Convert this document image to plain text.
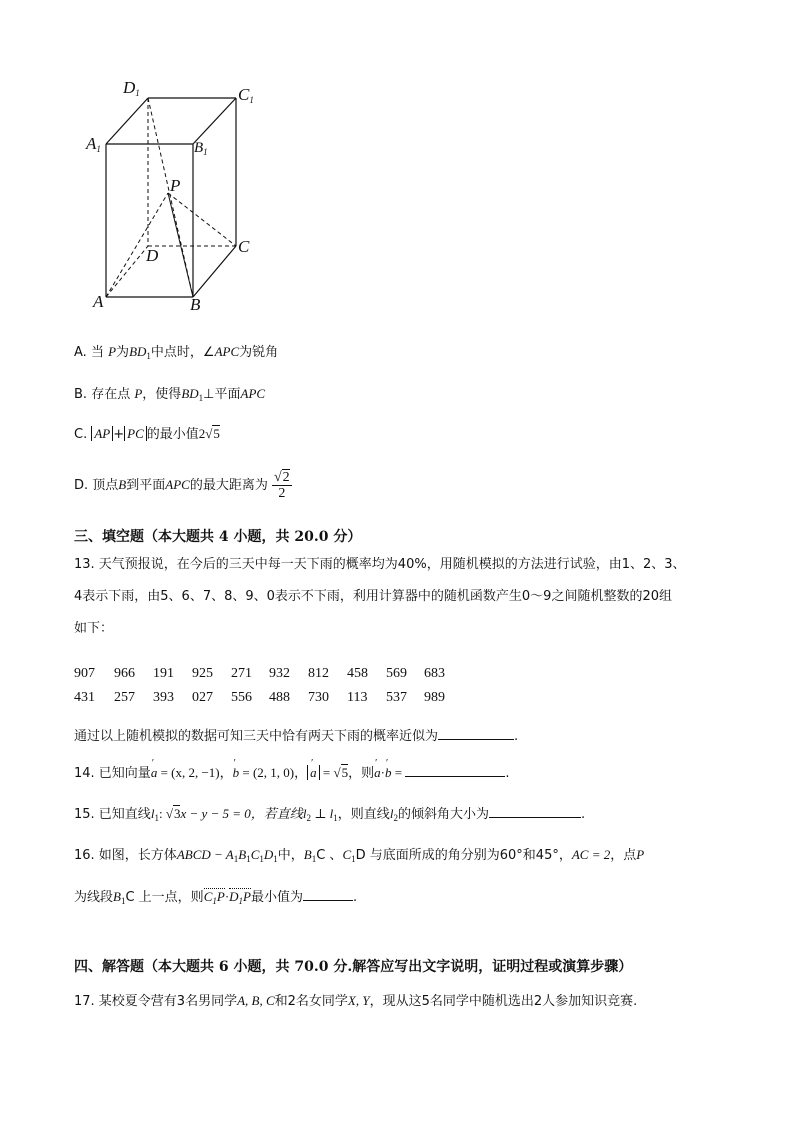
$D_1$	$C_1$
$A_1$	$B_1$
P
C
D
A	B
A. 当 P为$BD_1$中点时，∠APC为锐角
B. 存在点 P，使得$BD_1\perp$平面APC
C. AP + PC 的最小值2√5
D. 顶点B到平面APC的最大距离为 $\frac{√2}{2}$
三、填空题（本大题共 4 小题，共 20.0 分）
13. 天气预报说，在今后的三天中每一天下雨的概率均为40%，用随机模拟的方法进行试验，由1、2、3、
4表示下雨，由5、6、7、8、9、0表示不下雨，利用计算器中的随机函数产生0～9之间随机整数的20组
如下：
907 966 191 925 271 932 812 458 569 683
431 257 393 027 556 488 730 113 537 989
通过以上随机模拟的数据可知三天中恰有两天下雨的概率近似为	.
14. 已知向量ʹ a = (x, 2, −1)，ʹ b = (2, 1, 0)，ʹ a = √5，则ʹ a·ʹ b =	.
15. 已知直线$l_1$: √3x − y − 5 = 0，若直线$l_2$ ⊥ $l_1$，则直线$l_2$的倾斜角大小为	.
16. 如图，长方体ABCD − $A_1B_1C_1D_1$中，$B_1C$ 、$C_1D$ 与底面所成的角分别为60°和45°，AC = 2，点P
为线段$B_1C$ 上一点，则$C_1P\cdot D_1P$最小值为	.
四、解答题（本大题共 6 小题，共 70.0 分.解答应写出文字说明，证明过程或演算步骤）
17. 某校夏令营有3名男同学A, B, C和2名女同学X, Y，现从这5名同学中随机选出2人参加知识竞赛.
